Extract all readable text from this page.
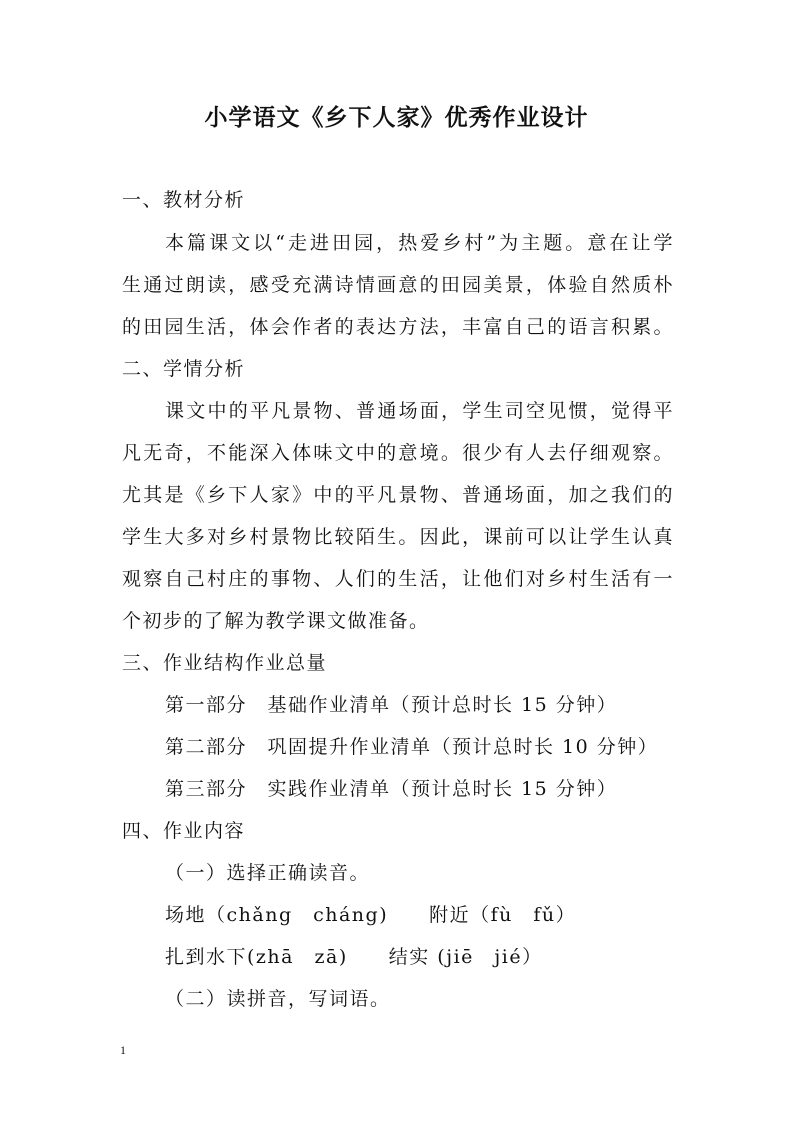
小学语文《乡下人家》优秀作业设计
一、教材分析
本篇课文以“走进田园，热爱乡村”为主题。意在让学
生通过朗读，感受充满诗情画意的田园美景，体验自然质朴
的田园生活，体会作者的表达方法，丰富自己的语言积累。
二、学情分析
课文中的平凡景物、普通场面，学生司空见惯，觉得平
凡无奇，不能深入体味文中的意境。很少有人去仔细观察。
尤其是《乡下人家》中的平凡景物、普通场面，加之我们的
学生大多对乡村景物比较陌生。因此，课前可以让学生认真
观察自己村庄的事物、人们的生活，让他们对乡村生活有一
个初步的了解为教学课文做准备。
三、作业结构作业总量
第一部分　基础作业清单（预计总时长 15 分钟）
第二部分　巩固提升作业清单（预计总时长 10 分钟）
第三部分　实践作业清单（预计总时长 15 分钟）
四、作业内容
（一）选择正确读音。
场地（chǎng　cháng)　　附近（fù　fǔ）
扎到水下(zhā　zā)　　结实 (jiē　jié）
（二）读拼音，写词语。
1
